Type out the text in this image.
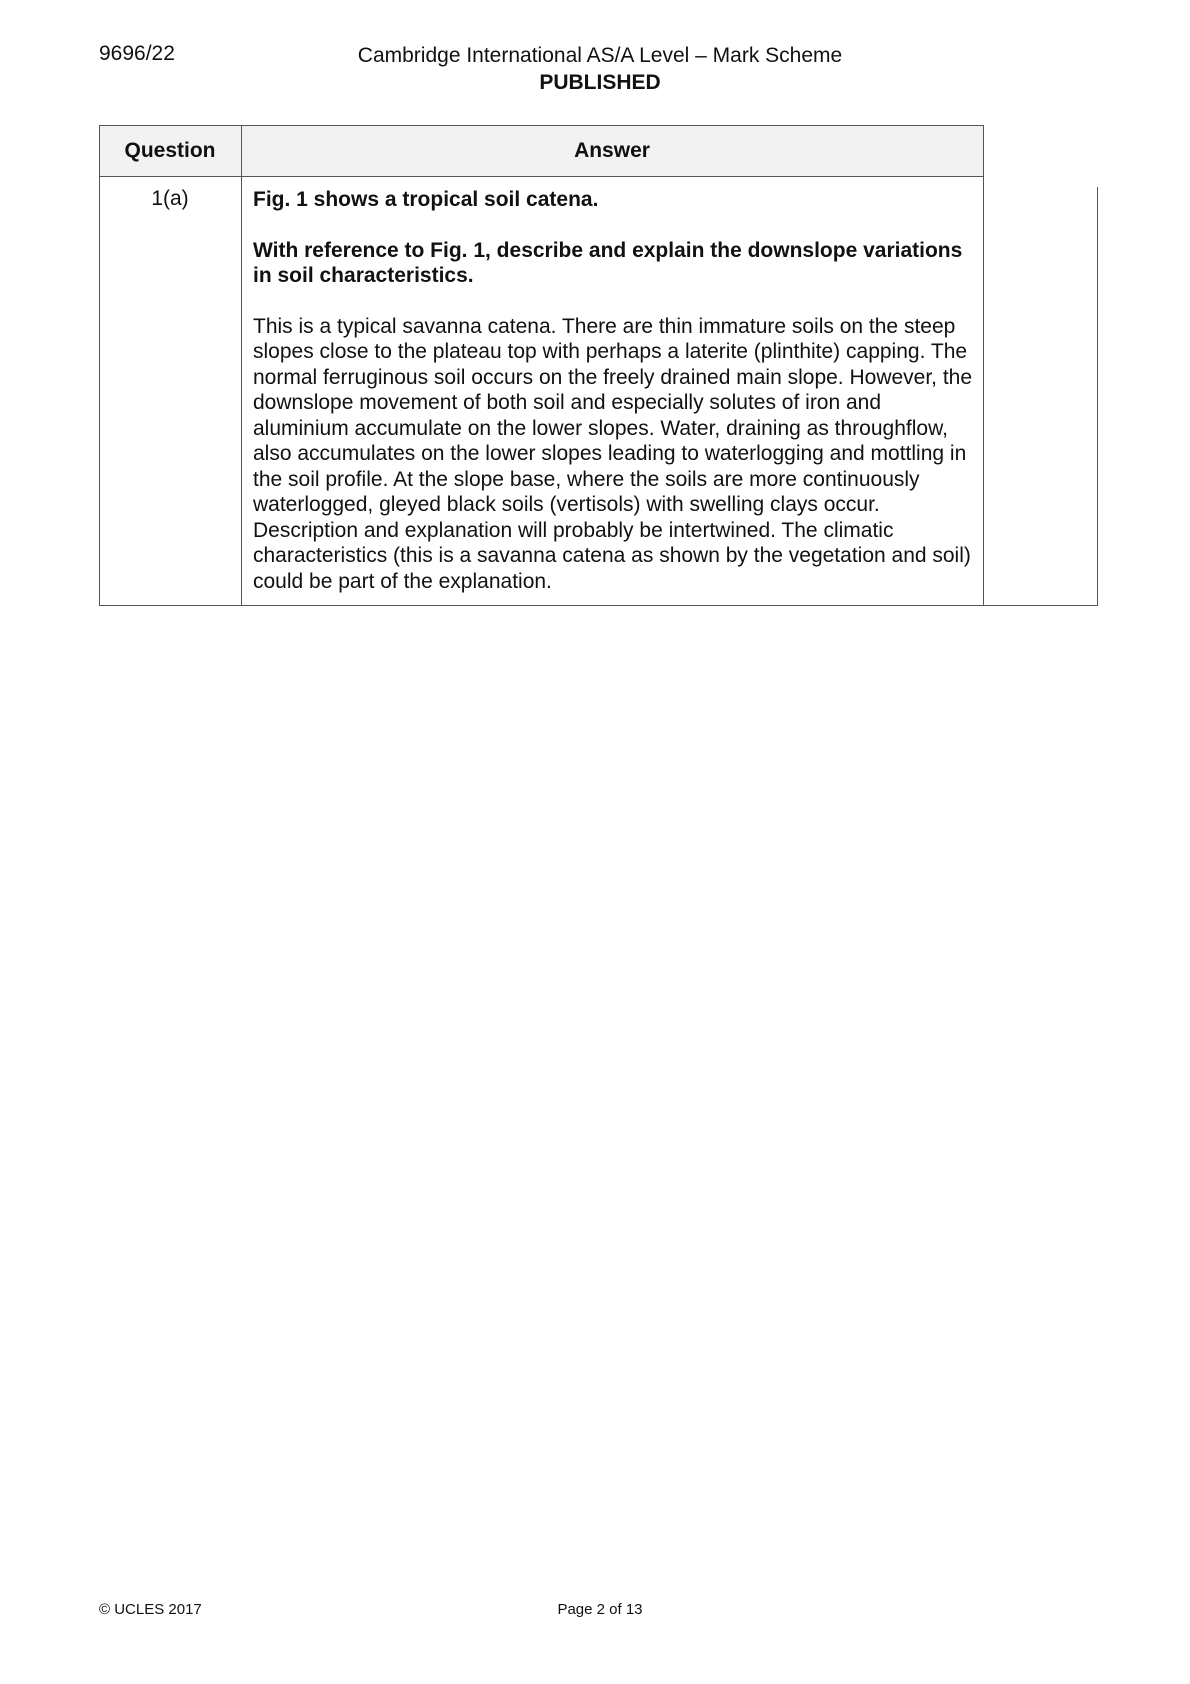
9696/22	Cambridge International AS/A Level – Mark Scheme
PUBLISHED
Question	Answer
1(a)	Fig. 1 shows a tropical soil catena.

With reference to Fig. 1, describe and explain the downslope variations in soil characteristics.

This is a typical savanna catena. There are thin immature soils on the steep slopes close to the plateau top with perhaps a laterite (plinthite) capping. The normal ferruginous soil occurs on the freely drained main slope. However, the downslope movement of both soil and especially solutes of iron and aluminium accumulate on the lower slopes. Water, draining as throughflow, also accumulates on the lower slopes leading to waterlogging and mottling in the soil profile. At the slope base, where the soils are more continuously waterlogged, gleyed black soils (vertisols) with swelling clays occur. Description and explanation will probably be intertwined. The climatic characteristics (this is a savanna catena as shown by the vegetation and soil) could be part of the explanation.

© UCLES 2017	Page 2 of 13
